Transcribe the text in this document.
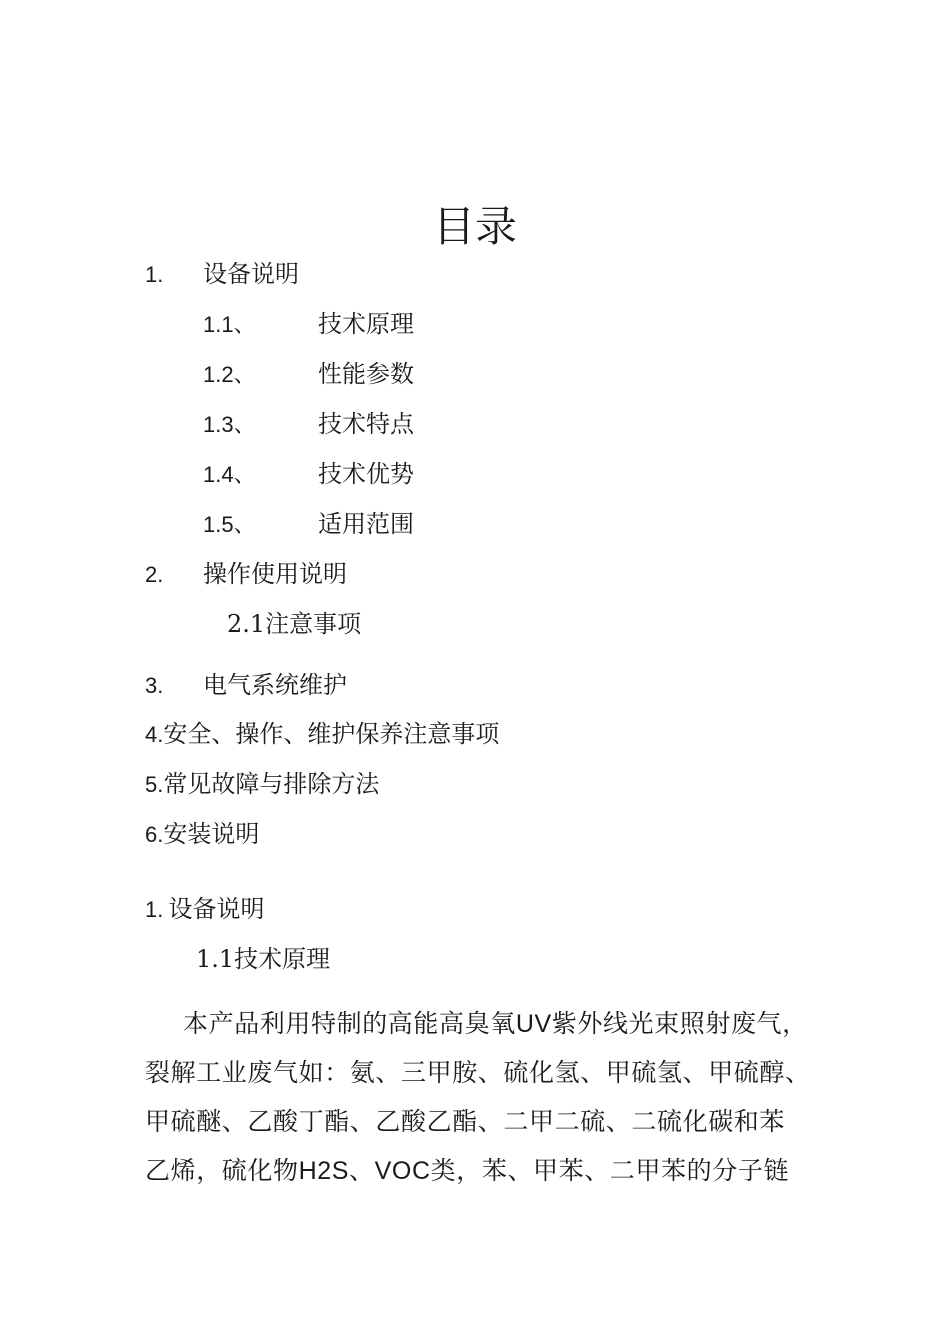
目录
1. 设备说明
1.1、	技术原理
1.2、	性能参数
1.3、	技术特点
1.4、	技术优势
1.5、	适用范围
2. 操作使用说明
2.1注意事项
3. 电气系统维护
4.安全、操作、维护保养注意事项
5.常见故障与排除方法
6.安装说明
1. 设备说明
1.1技术原理
本产品利用特制的高能高臭氧UV紫外线光束照射废气，
裂解工业废气如：氨、三甲胺、硫化氢、甲硫氢、甲硫醇、
甲硫醚、乙酸丁酯、乙酸乙酯、二甲二硫、二硫化碳和苯
乙烯，硫化物H2S、VOC类，苯、甲苯、二甲苯的分子链
